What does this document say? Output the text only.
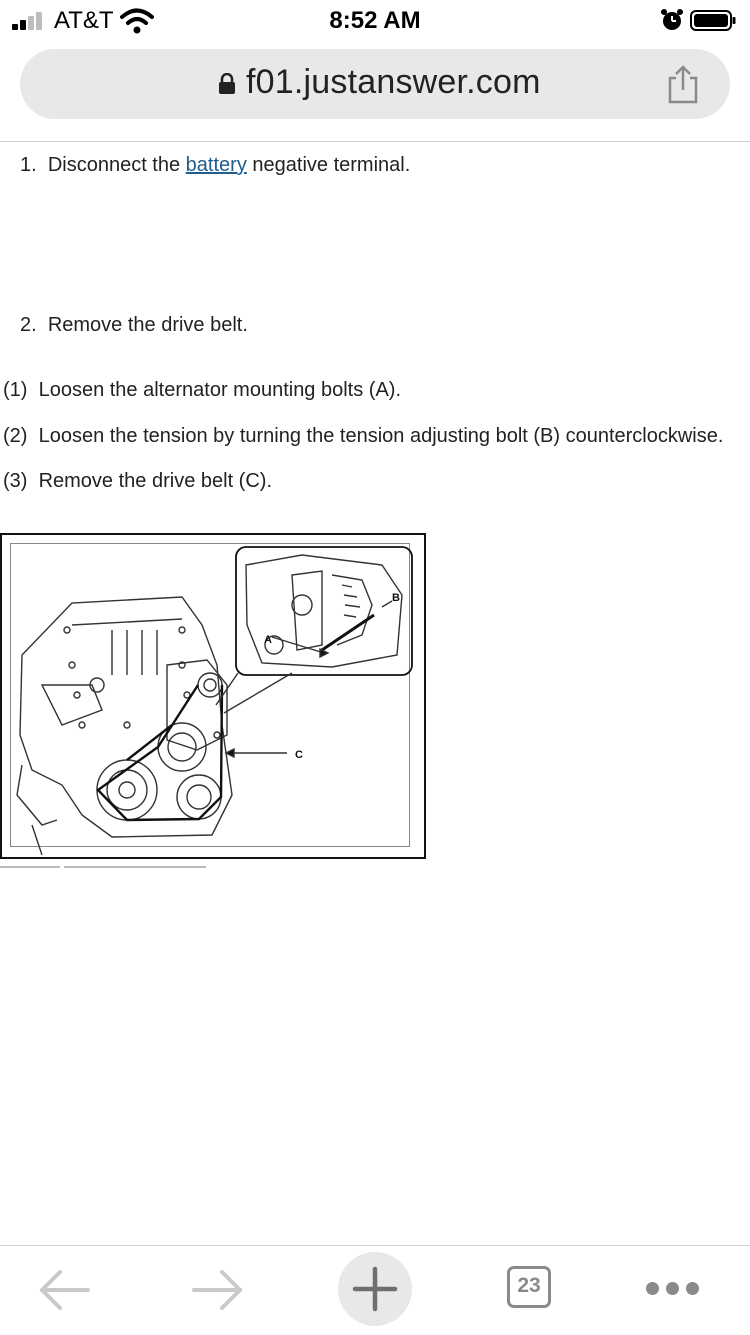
AT&T	8:52 AM
f01.justanswer.com
1. Disconnect the battery negative terminal.
2. Remove the drive belt.
(1) Loosen the alternator mounting bolts (A).
(2) Loosen the tension by turning the tension adjusting bolt (B) counterclockwise.
(3) Remove the drive belt (C).
A
B
C
23
